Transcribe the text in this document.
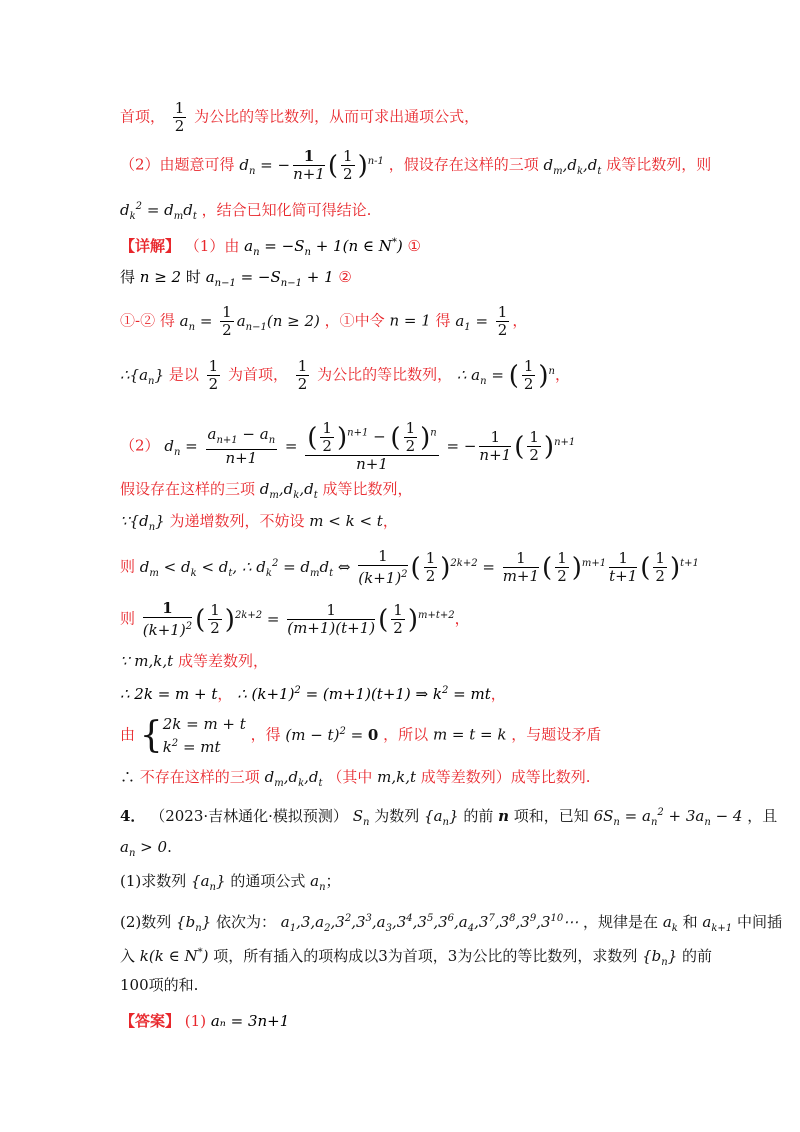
首项， $\frac{1}{2}$ 为公比的等比数列，从而可求出通项公式，
（2）由题意可得 $d_n$ = − $\frac{1}{n+1}$ ( $\frac{1}{2} )^{n-1}$ ，假设存在这样的三项 $d_m,d_k,d_t$ 成等比数列，则
$d_k^2 = d_md_t$ ，结合已知化简可得结论.
【详解】 （1）由 $a_n = -S_n + 1(n$ ∈ N*) ①
得 n ≥ 2 时 $a_{n-1} = -S_{n-1} + 1$ ②
①-② 得 $a_n = \frac{1}{2} a_{n-1}(n \ge 2)$ ，①中令 n = 1 得 $a_1 = \frac{1}{2}$ ，
$\therefore\{a_n\}$ 是以 $\frac{1}{2}$ 为首项， $\frac{1}{2}$ 为公比的等比数列， ∴ $a_n$ = ( $\frac{1}{2} )^n$，
（2） $d_n = \frac{a_{n+1} - a_n}{n+1} = \frac{( \frac{1}{2} )^{n+1} - ( \frac{1}{2} )^n}{n+1}$ = − $\frac{1}{n+1}$ ( $\frac{1}{2} )^{n+1}$
假设存在这样的三项 $d_m,d_k,d_t$ 成等比数列，
$\because\{d_n\}$ 为递增数列，不妨设 m < k < t，
则 $d_m < d_k < d_t$, ∴ $d_k^2 = d_md_t$ ⇔ $\frac{1}{(k+1)^2}$ ( $\frac{1}{2} )^{2k+2} = \frac{1}{m+1}$ ( $\frac{1}{2} )^{m+1} \frac{1}{t+1}$ ( $\frac{1}{2} )^{t+1}$
则 $\frac{1}{(k+1)^2}$ ( $\frac{1}{2} )^{2k+2} = \frac{1}{(m+1)(t+1)}$ ( $\frac{1}{2} )^{m+t+2}$，
∵ m,k,t 成等差数列，
∴ 2k = m + t， ∴ $(k+1)^2 = (m+1)(t+1)$ ⇒ $k^2$ = mt，
由 {2k = m + t
$k^2$ = mt ，得 $(m - t)^2 = 0$ ，所以 m = t = k ，与题设矛盾
∴ 不存在这样的三项 $d_m,d_k,d_t$ （其中 m,k,t 成等差数列）成等比数列.
4． （2023·吉林通化·模拟预测） $S_n$ 为数列 $\{a_n\}$ 的前 n 项和，已知 $6S_n = a_n^2 + 3a_n - 4$ ，且
$a_n > 0$.
(1)求数列 $\{a_n\}$ 的通项公式 $a_n$；
(2)数列 $\{b_n\}$ 依次为： $a_1,3,a_2,3^2,3^3,a_3,3^4,3^5,3^6,a_4,3^7,3^8,3^9,3^{10}\cdots$ ，规律是在 $a_k$ 和 $a_{k+1}$ 中间插
入 k(k ∈ N*) 项，所有插入的项构成以3为首项，3为公比的等比数列，求数列 $\{b_n\}$ 的前
100项的和.
【答案】 (1) aₙ = 3n+1
